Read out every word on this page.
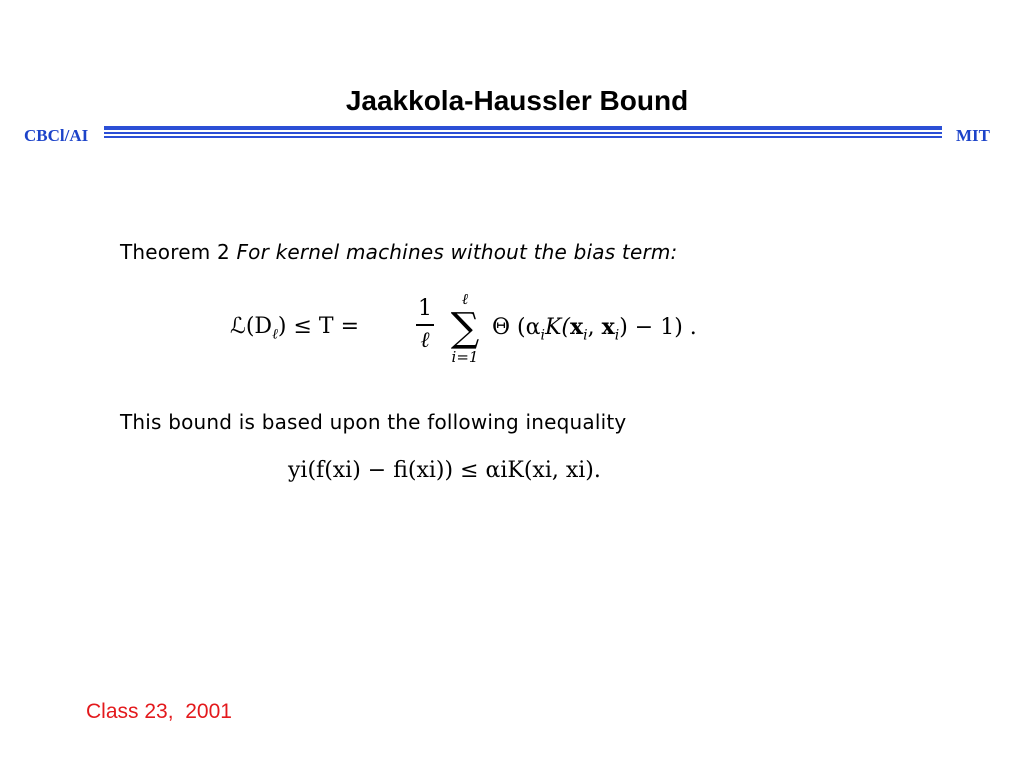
Jaakkola-Haussler Bound
CBCl/AI	MIT
Theorem 2 For kernel machines without the bias term:
$ℒ(D_\ell) \le T$ =
1
ℓ
ℓ
∑
i=1
Θ ($\alpha_iK(x_i$, $x_i) - 1$) .
This bound is based upon the following inequality
yi(f(xi) − fi(xi)) ≤ αiK(xi, xi).
Class 23,  2001
